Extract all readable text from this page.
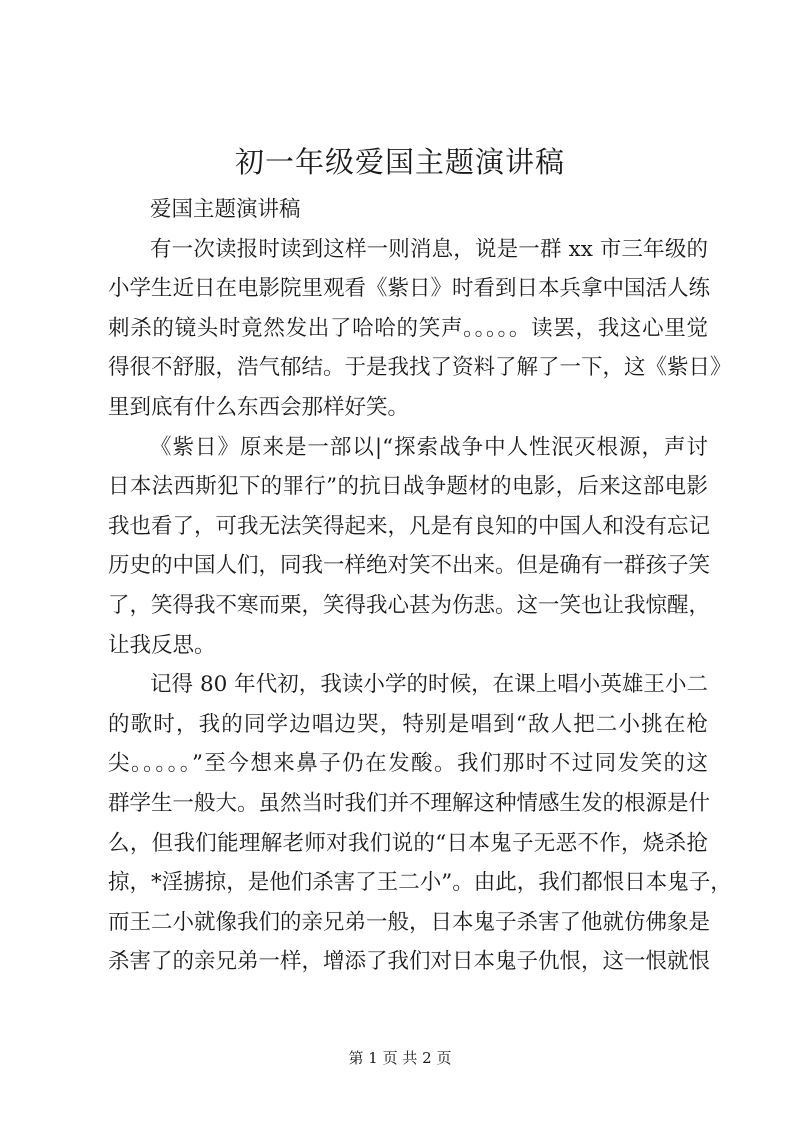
初一年级爱国主题演讲稿
爱国主题演讲稿
有一次读报时读到这样一则消息，说是一群 xx 市三年级的
小学生近日在电影院里观看《紫日》时看到日本兵拿中国活人练
刺杀的镜头时竟然发出了哈哈的笑声。。。。。读罢，我这心里觉
得很不舒服，浩气郁结。于是我找了资料了解了一下，这《紫日》
里到底有什么东西会那样好笑。
《紫日》原来是一部以|“探索战争中人性泯灭根源，声讨
日本法西斯犯下的罪行”的抗日战争题材的电影，后来这部电影
我也看了，可我无法笑得起来，凡是有良知的中国人和没有忘记
历史的中国人们，同我一样绝对笑不出来。但是确有一群孩子笑
了，笑得我不寒而栗，笑得我心甚为伤悲。这一笑也让我惊醒，
让我反思。
记得 80 年代初，我读小学的时候，在课上唱小英雄王小二
的歌时，我的同学边唱边哭，特别是唱到“敌人把二小挑在枪
尖。。。。。”至今想来鼻子仍在发酸。我们那时不过同发笑的这
群学生一般大。虽然当时我们并不理解这种情感生发的根源是什
么，但我们能理解老师对我们说的“日本鬼子无恶不作，烧杀抢
掠，*淫掳掠，是他们杀害了王二小”。由此，我们都恨日本鬼子，
而王二小就像我们的亲兄弟一般，日本鬼子杀害了他就仿佛象是
杀害了的亲兄弟一样，增添了我们对日本鬼子仇恨，这一恨就恨
第 1 页 共 2 页
